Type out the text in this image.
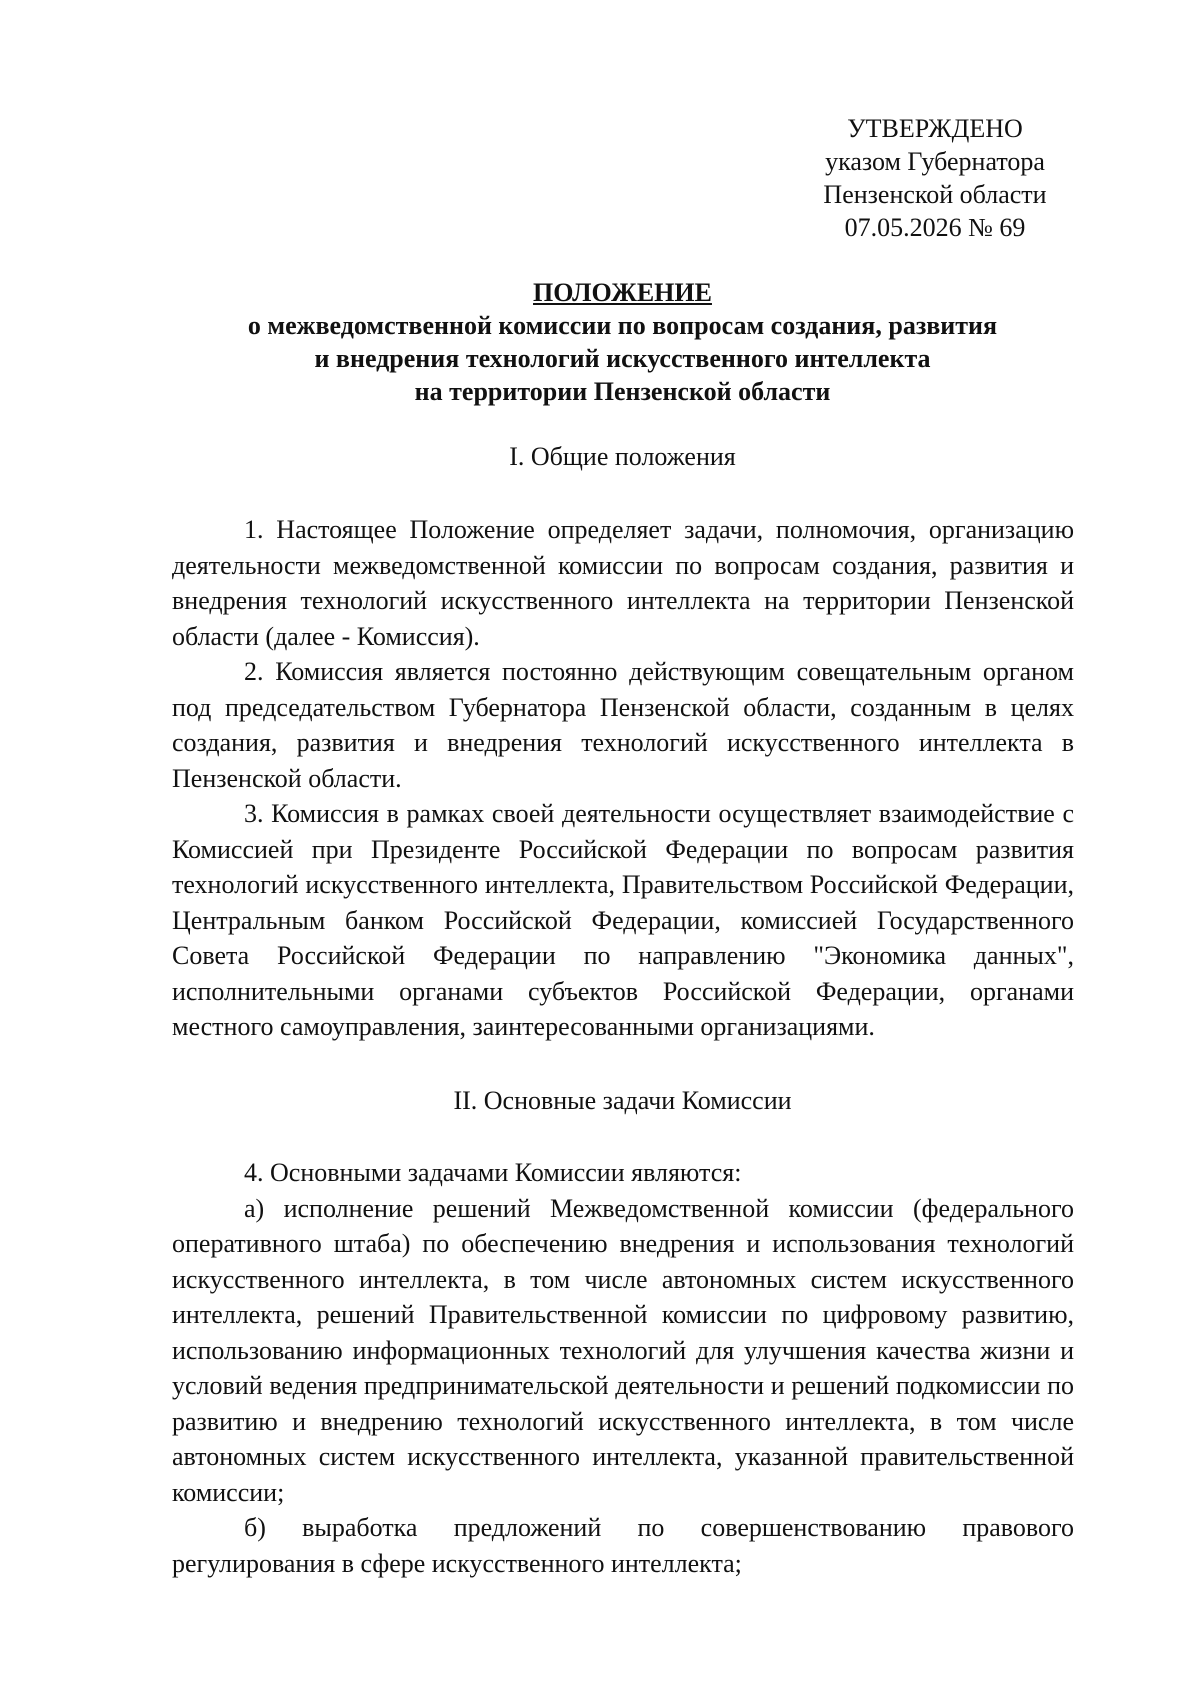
УТВЕРЖДЕНО
указом Губернатора
Пензенской области
07.05.2026 № 69
ПОЛОЖЕНИЕ
о межведомственной комиссии по вопросам создания, развития
и внедрения технологий искусственного интеллекта
на территории Пензенской области
I. Общие положения

1. Настоящее Положение определяет задачи, полномочия, организацию деятельности межведомственной комиссии по вопросам создания, развития и внедрения технологий искусственного интеллекта на территории Пензенской области (далее - Комиссия).

2. Комиссия является постоянно действующим совещательным органом под председательством Губернатора Пензенской области, созданным в целях создания, развития и внедрения технологий искусственного интеллекта в Пензенской области.

3. Комиссия в рамках своей деятельности осуществляет взаимодействие с Комиссией при Президенте Российской Федерации по вопросам развития технологий искусственного интеллекта, Правительством Российской Федерации, Центральным банком Российской Федерации, комиссией Государственного Совета Российской Федерации по направлению "Экономика данных", исполнительными органами субъектов Российской Федерации, органами местного самоуправления, заинтересованными организациями.

II. Основные задачи Комиссии

4. Основными задачами Комиссии являются:

а) исполнение решений Межведомственной комиссии (федерального оперативного штаба) по обеспечению внедрения и использования технологий искусственного интеллекта, в том числе автономных систем искусственного интеллекта, решений Правительственной комиссии по цифровому развитию, использованию информационных технологий для улучшения качества жизни и условий ведения предпринимательской деятельности и решений подкомиссии по развитию и внедрению технологий искусственного интеллекта, в том числе автономных систем искусственного интеллекта, указанной правительственной комиссии;

б) выработка предложений по совершенствованию правового регулирования в сфере искусственного интеллекта;
